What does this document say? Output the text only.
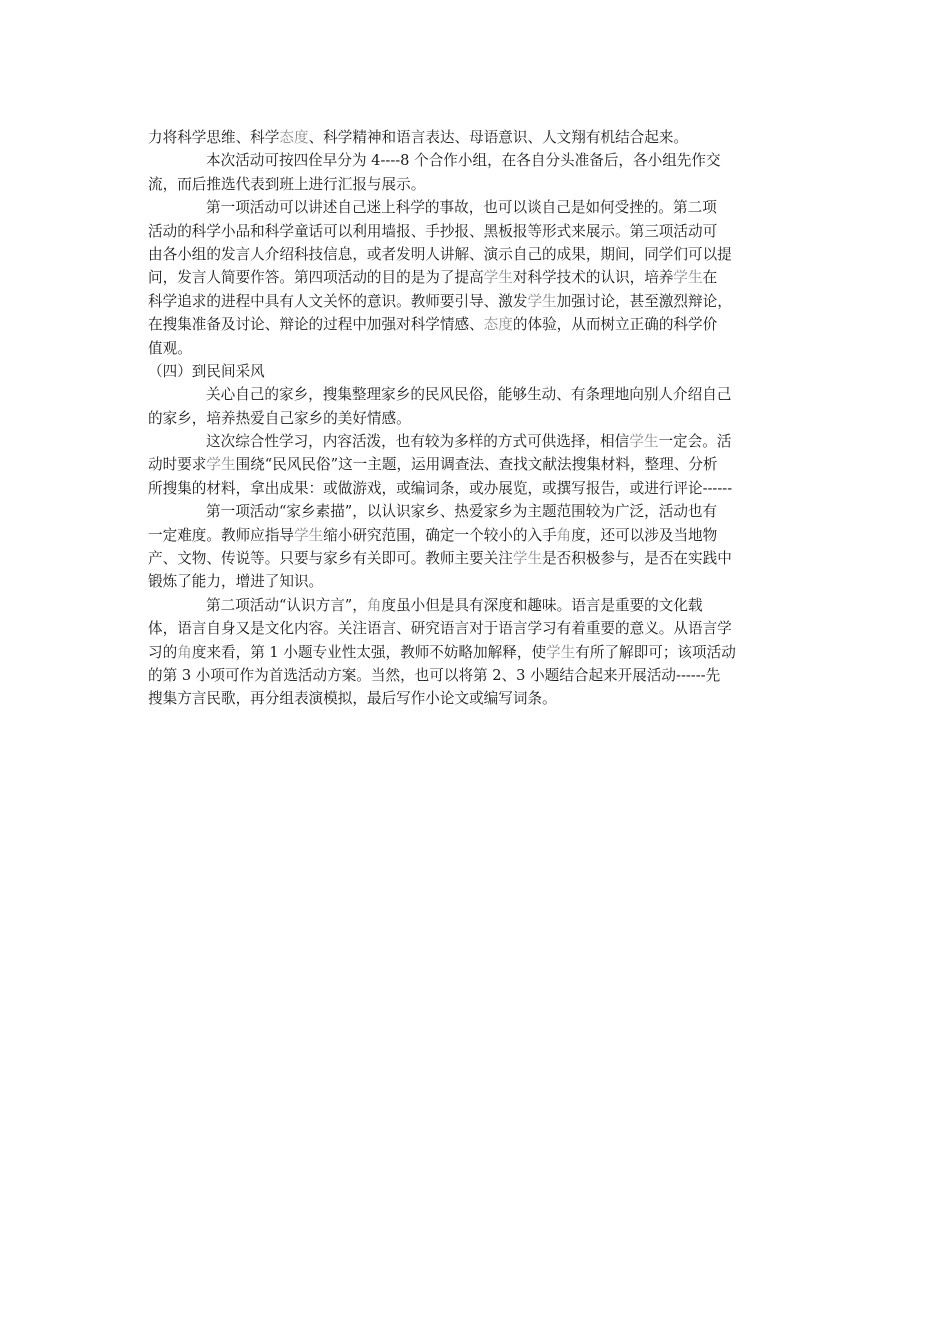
力将科学思维、科学态度、科学精神和语言表达、母语意识、人文翔有机结合起来。
本次活动可按四佺早分为 4----8 个合作小组，在各自分头准备后，各小组先作交
流，而后推选代表到班上进行汇报与展示。
第一项活动可以讲述自己迷上科学的事故，也可以谈自己是如何受挫的。第二项
活动的科学小品和科学童话可以利用墙报、手抄报、黑板报等形式来展示。第三项活动可
由各小组的发言人介绍科技信息，或者发明人讲解、演示自己的成果，期间，同学们可以提
问，发言人简要作答。第四项活动的目的是为了提高学生对科学技术的认识，培养学生在
科学追求的进程中具有人文关怀的意识。教师要引导、激发学生加强讨论，甚至激烈辩论，
在搜集准备及讨论、辩论的过程中加强对科学情感、态度的体验，从而树立正确的科学价
值观。
（四）到民间采风
关心自己的家乡，搜集整理家乡的民风民俗，能够生动、有条理地向别人介绍自己
的家乡，培养热爱自己家乡的美好情感。
这次综合性学习，内容活泼，也有较为多样的方式可供选择，相信学生一定会。活
动时要求学生围绕“民风民俗”这一主题，运用调查法、查找文献法搜集材料，整理、分析
所搜集的材料，拿出成果：或做游戏，或编词条，或办展览，或撰写报告，或进行评论------
第一项活动“家乡素描”，以认识家乡、热爱家乡为主题范围较为广泛，活动也有
一定难度。教师应指导学生缩小研究范围，确定一个较小的入手角度，还可以涉及当地物
产、文物、传说等。只要与家乡有关即可。教师主要关注学生是否积极参与，是否在实践中
锻炼了能力，增进了知识。
第二项活动“认识方言”，角度虽小但是具有深度和趣味。语言是重要的文化载
体，语言自身又是文化内容。关注语言、研究语言对于语言学习有着重要的意义。从语言学
习的角度来看，第 1 小题专业性太强，教师不妨略加解释，使学生有所了解即可；该项活动
的第 3 小项可作为首选活动方案。当然，也可以将第 2、3 小题结合起来开展活动------先
搜集方言民歌，再分组表演模拟，最后写作小论文或编写词条。
